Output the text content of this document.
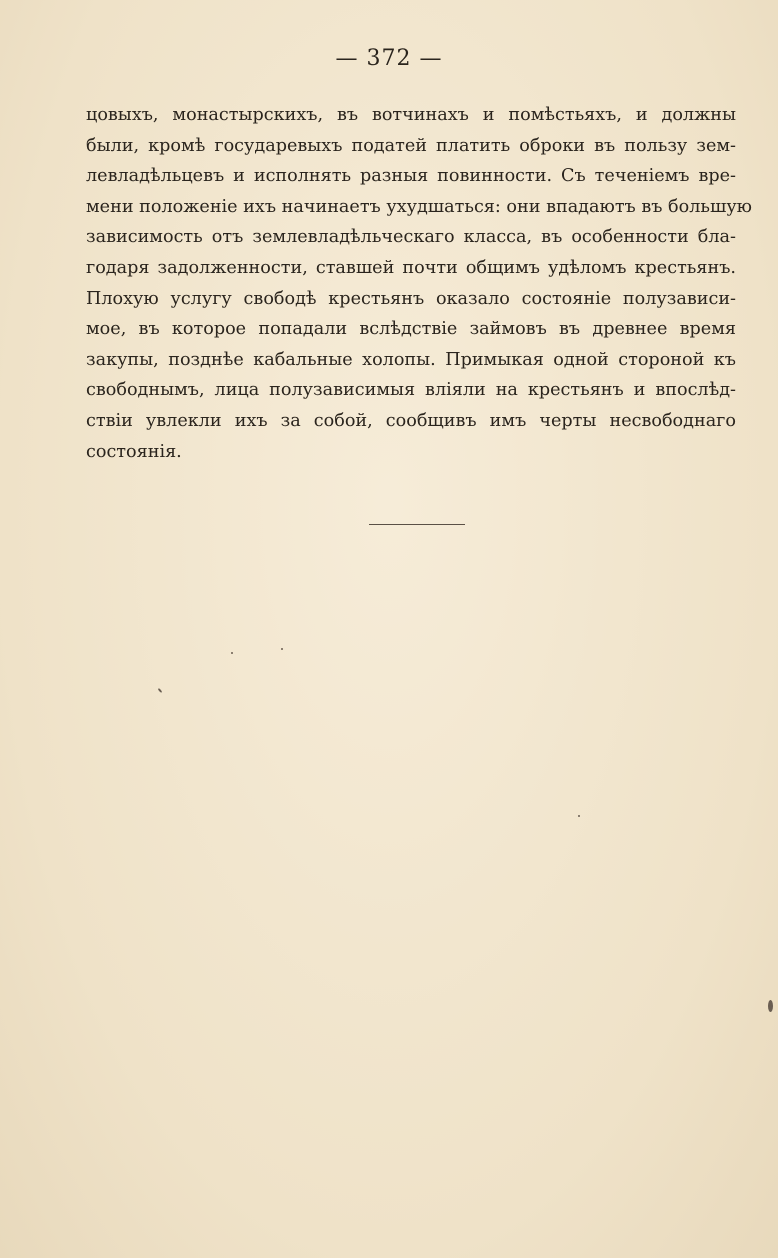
— 372 —
цовыхъ, монастырскихъ, въ вотчинахъ и помѣстьяхъ, и должны
были, кромѣ государевыхъ податей платить оброки въ пользу зем-
левладѣльцевъ и исполнять разныя повинности. Съ теченіемъ вре-
мени положеніе ихъ начинаетъ ухудшаться: они впадаютъ въ большую
зависимость отъ землевладѣльческаго класса, въ особенности бла-
годаря задолженности, ставшей почти общимъ удѣломъ крестьянъ.
Плохую услугу свободѣ крестьянъ оказало состояніе полузависи-
мое, въ которое попадали вслѣдствіе займовъ въ древнее время
закупы, позднѣе кабальные холопы. Примыкая одной стороной къ
свободнымъ, лица полузависимыя вліяли на крестьянъ и впослѣд-
ствіи увлекли ихъ за собой, сообщивъ имъ черты несвободнаго
состоянія.
